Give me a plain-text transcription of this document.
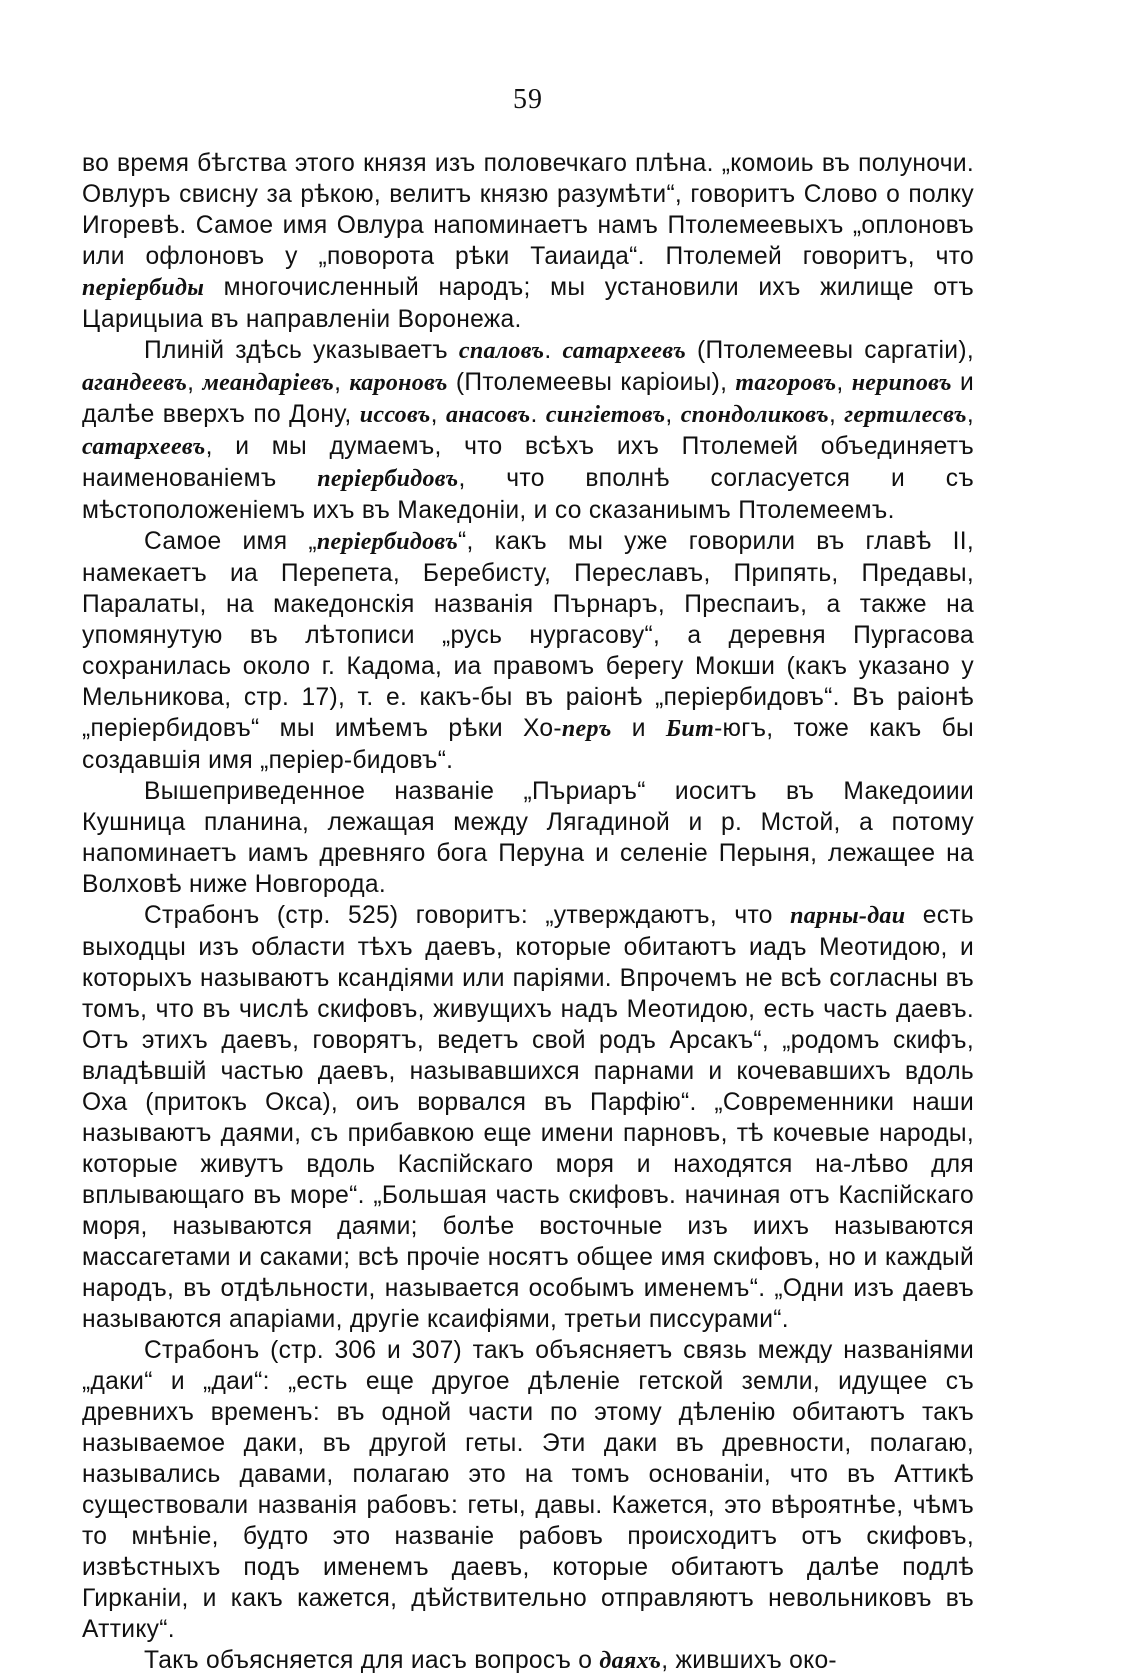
59

во время бѣгства этого князя изъ половечкаго плѣна. „комоиь въ полуночи. Овлуръ свисну за рѣкою, велитъ князю разумѣти“, говоритъ Слово о полку Игоревѣ. Самое имя Овлура напоминаетъ намъ Птолемеевыхъ „оплоновъ или офлоновъ у „поворота рѣки Таиаида“. Птолемей говоритъ, что періербиды многочисленный народъ; мы установили ихъ жилище отъ Царицыиа въ направленіи Воронежа.

Плиній здѣсь указываетъ спаловъ. сатархеевъ (Птолемеевы саргатіи), агандеевъ, меандаріевъ, кароновъ (Птолемеевы каріоиы), тагоровъ, нериповъ и далѣе вверхъ по Дону, иссовъ, анасовъ. сингіетовъ, спондоликовъ, гертилесвъ, сатархеевъ, и мы думаемъ, что всѣхъ ихъ Птолемей объединяетъ наименованіемъ періербидовъ, что вполнѣ согласуется и съ мѣстоположеніемъ ихъ въ Македоніи, и со сказаниымъ Птолемеемъ.

Самое имя „періербидовъ“, какъ мы уже говорили въ главѣ II, намекаетъ иа Перепета, Беребисту, Переславъ, Припять, Предавы, Паралаты, на македонскія названія Пърнаръ, Преспаиъ, а также на упомянутую въ лѣтописи „русь нургасову“, а деревня Пургасова сохранилась около г. Кадома, иа правомъ берегу Мокши (какъ указано у Мельникова, стр. 17), т. е. какъ-бы въ раіонѣ „періербидовъ“. Въ раіонѣ „періербидовъ“ мы имѣемъ рѣки Хо-перъ и Бит-югъ, тоже какъ бы создавшія имя „періер-бидовъ“.

Вышеприведенное названіе „Пъриаръ“ иоситъ въ Македоиии Кушница планина, лежащая между Лягадиной и р. Мстой, а потому напоминаетъ иамъ древняго бога Перуна и селеніе Перыня, лежащее на Волховѣ ниже Новгорода.

Страбонъ (стр. 525) говоритъ: „утверждаютъ, что парны-даи есть выходцы изъ области тѣхъ даевъ, которые обитаютъ иадъ Меотидою, и которыхъ называютъ ксандіями или паріями. Впрочемъ не всѣ согласны въ томъ, что въ числѣ скифовъ, живущихъ надъ Меотидою, есть часть даевъ. Отъ этихъ даевъ, говорятъ, ведетъ свой родъ Арсакъ“, „родомъ скифъ, владѣвшій частью даевъ, называвшихся парнами и кочевавшихъ вдоль Оха (притокъ Окса), оиъ ворвался въ Парфію“. „Современники наши называютъ даями, съ прибавкою еще имени парновъ, тѣ кочевые народы, которые живутъ вдоль Каспійскаго моря и находятся на-лѣво для вплывающаго въ море“. „Большая часть скифовъ. начиная отъ Каспійскаго моря, называются даями; болѣе восточные изъ иихъ называются массагетами и саками; всѣ прочіе носятъ общее имя скифовъ, но и каждый народъ, въ отдѣльности, называется особымъ именемъ“. „Одни изъ даевъ называются апаріами, другіе ксаифіями, третьи писсурами“.

Страбонъ (стр. 306 и 307) такъ объясняетъ связь между названіями „даки“ и „даи“: „есть еще другое дѣленіе гетской земли, идущее съ древнихъ временъ: въ одной части по этому дѣленію обитаютъ такъ называемое даки, въ другой геты. Эти даки въ древности, полагаю, назывались давами, полагаю это на томъ основаніи, что въ Аттикѣ существовали названія рабовъ: геты, давы. Кажется, это вѣроятнѣе, чѣмъ то мнѣніе, будто это названіе рабовъ происходитъ отъ скифовъ, извѣстныхъ подъ именемъ даевъ, которые обитаютъ далѣе подлѣ Гирканіи, и какъ кажется, дѣйствительно отправляютъ невольниковъ въ Аттику“.

Такъ объясняется для иасъ вопросъ о даяхъ, жившихъ око-
